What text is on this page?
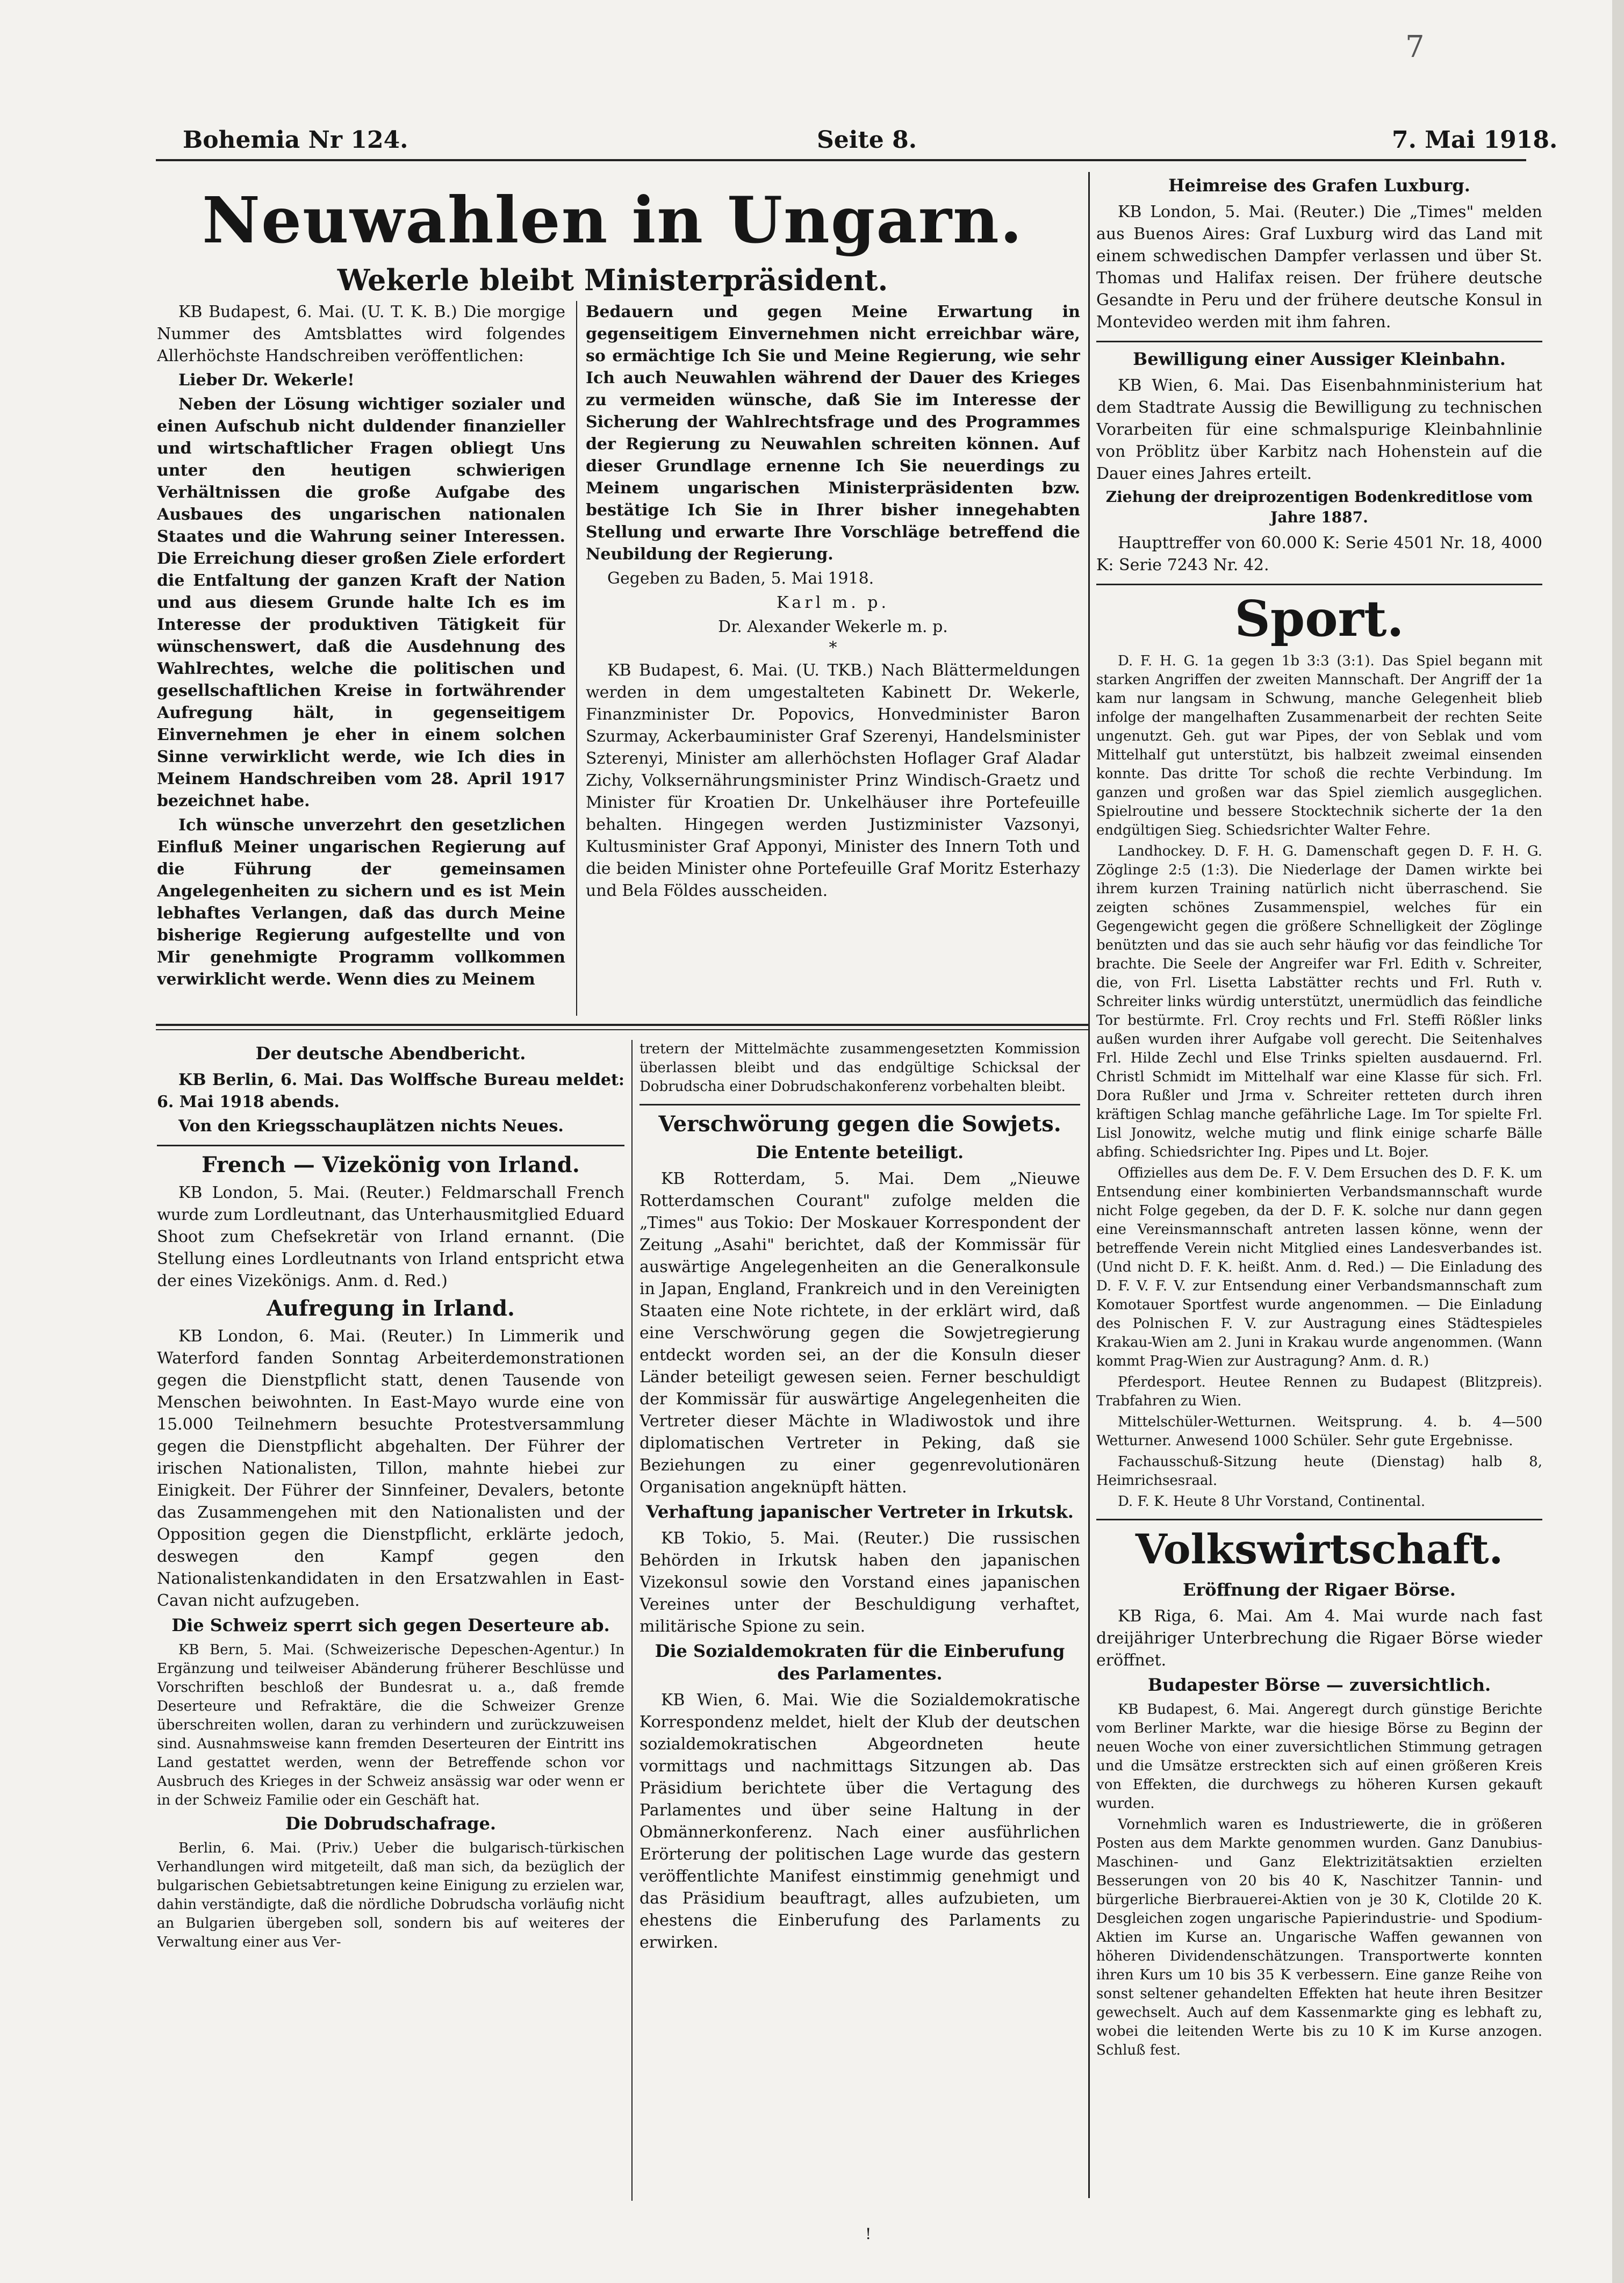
7
Bohemia Nr 124.	Seite 8.	7. Mai 1918.
Neuwahlen in Ungarn.
Wekerle bleibt Ministerpräsident.

KB Budapest, 6. Mai. (U. T. K. B.) Die morgige Nummer des Amtsblattes wird folgendes Allerhöchste Handschreiben veröffentlichen:

Lieber Dr. Wekerle!

Neben der Lösung wichtiger sozialer und einen Aufschub nicht duldender finanzieller und wirtschaftlicher Fragen obliegt Uns unter den heutigen schwierigen Verhältnissen die große Aufgabe des Ausbaues des ungarischen nationalen Staates und die Wahrung seiner Interessen. Die Erreichung dieser großen Ziele erfordert die Entfaltung der ganzen Kraft der Nation und aus diesem Grunde halte Ich es im Interesse der produktiven Tätigkeit für wünschenswert, daß die Ausdehnung des Wahlrechtes, welche die politischen und gesellschaftlichen Kreise in fortwährender Aufregung hält, in gegenseitigem Einvernehmen je eher in einem solchen Sinne verwirklicht werde, wie Ich dies in Meinem Handschreiben vom 28. April 1917 bezeichnet habe.

Ich wünsche unverzehrt den gesetzlichen Einfluß Meiner ungarischen Regierung auf die Führung der gemeinsamen Angelegenheiten zu sichern und es ist Mein lebhaftes Verlangen, daß das durch Meine bisherige Regierung aufgestellte und von Mir genehmigte Programm vollkommen verwirklicht werde. Wenn dies zu Meinem

Bedauern und gegen Meine Erwartung in gegenseitigem Einvernehmen nicht erreichbar wäre, so ermächtige Ich Sie und Meine Regierung, wie sehr Ich auch Neuwahlen während der Dauer des Krieges zu vermeiden wünsche, daß Sie im Interesse der Sicherung der Wahlrechtsfrage und des Programmes der Regierung zu Neuwahlen schreiten können. Auf dieser Grundlage ernenne Ich Sie neuerdings zu Meinem ungarischen Ministerpräsidenten bzw. bestätige Ich Sie in Ihrer bisher innegehabten Stellung und erwarte Ihre Vorschläge betreffend die Neubildung der Regierung.

Gegeben zu Baden, 5. Mai 1918.

Karl m. p.

Dr. Alexander Wekerle m. p.

*

KB Budapest, 6. Mai. (U. TKB.) Nach Blättermeldungen werden in dem umgestalteten Kabinett Dr. Wekerle, Finanzminister Dr. Popovics, Honvedminister Baron Szurmay, Ackerbauminister Graf Szerenyi, Handelsminister Szterenyi, Minister am allerhöchsten Hoflager Graf Aladar Zichy, Volksernährungsminister Prinz Windisch-Graetz und Minister für Kroatien Dr. Unkelhäuser ihre Portefeuille behalten. Hingegen werden Justizminister Vazsonyi, Kultusminister Graf Apponyi, Minister des Innern Toth und die beiden Minister ohne Portefeuille Graf Moritz Esterhazy und Bela Földes ausscheiden.

Heimreise des Grafen Luxburg.

KB London, 5. Mai. (Reuter.) Die „Times" melden aus Buenos Aires: Graf Luxburg wird das Land mit einem schwedischen Dampfer verlassen und über St. Thomas und Halifax reisen. Der frühere deutsche Gesandte in Peru und der frühere deutsche Konsul in Montevideo werden mit ihm fahren.

Bewilligung einer Aussiger Kleinbahn.

KB Wien, 6. Mai. Das Eisenbahnministerium hat dem Stadtrate Aussig die Bewilligung zu technischen Vorarbeiten für eine schmalspurige Kleinbahnlinie von Pröblitz über Karbitz nach Hohenstein auf die Dauer eines Jahres erteilt.

Ziehung der dreiprozentigen Bodenkreditlose vom Jahre 1887.

Haupttreffer von 60.000 K: Serie 4501 Nr. 18, 4000 K: Serie 7243 Nr. 42.

Sport.

D. F. H. G. 1a gegen 1b 3:3 (3:1). Das Spiel begann mit starken Angriffen der zweiten Mannschaft. Der Angriff der 1a kam nur langsam in Schwung, manche Gelegenheit blieb infolge der mangelhaften Zusammenarbeit der rechten Seite ungenutzt. Geh. gut war Pipes, der von Seblak und vom Mittelhalf gut unterstützt, bis halbzeit zweimal einsenden konnte. Das dritte Tor schoß die rechte Verbindung. Im ganzen und großen war das Spiel ziemlich ausgeglichen. Spielroutine und bessere Stocktechnik sicherte der 1a den endgültigen Sieg. Schiedsrichter Walter Fehre.

Landhockey. D. F. H. G. Damenschaft gegen D. F. H. G. Zöglinge 2:5 (1:3). Die Niederlage der Damen wirkte bei ihrem kurzen Training natürlich nicht überraschend. Sie zeigten schönes Zusammenspiel, welches für ein Gegengewicht gegen die größere Schnelligkeit der Zöglinge benützten und das sie auch sehr häufig vor das feindliche Tor brachte. Die Seele der Angreifer war Frl. Edith v. Schreiter, die, von Frl. Lisetta Labstätter rechts und Frl. Ruth v. Schreiter links würdig unterstützt, unermüdlich das feindliche Tor bestürmte. Frl. Croy rechts und Frl. Steffi Rößler links außen wurden ihrer Aufgabe voll gerecht. Die Seitenhalves Frl. Hilde Zechl und Else Trinks spielten ausdauernd. Frl. Christl Schmidt im Mittelhalf war eine Klasse für sich. Frl. Dora Rußler und Jrma v. Schreiter retteten durch ihren kräftigen Schlag manche gefährliche Lage. Im Tor spielte Frl. Lisl Jonowitz, welche mutig und flink einige scharfe Bälle abfing. Schiedsrichter Ing. Pipes und Lt. Bojer.

Offizielles aus dem De. F. V. Dem Ersuchen des D. F. K. um Entsendung einer kombinierten Verbandsmannschaft wurde nicht Folge gegeben, da der D. F. K. solche nur dann gegen eine Vereinsmannschaft antreten lassen könne, wenn der betreffende Verein nicht Mitglied eines Landesverbandes ist. (Und nicht D. F. K. heißt. Anm. d. Red.) — Die Einladung des D. F. V. F. V. zur Entsendung einer Verbandsmannschaft zum Komotauer Sportfest wurde angenommen. — Die Einladung des Polnischen F. V. zur Austragung eines Städtespieles Krakau-Wien am 2. Juni in Krakau wurde angenommen. (Wann kommt Prag-Wien zur Austragung? Anm. d. R.)

Pferdesport. Heutee Rennen zu Budapest (Blitzpreis). Trabfahren zu Wien.

Mittelschüler-Wetturnen. Weitsprung. 4. b. 4—500 Wetturner. Anwesend 1000 Schüler. Sehr gute Ergebnisse.

Fachausschuß-Sitzung heute (Dienstag) halb 8, Heimrichsesraal.

D. F. K. Heute 8 Uhr Vorstand, Continental.

Volkswirtschaft.
Eröffnung der Rigaer Börse.

KB Riga, 6. Mai. Am 4. Mai wurde nach fast dreijähriger Unterbrechung die Rigaer Börse wieder eröffnet.

Budapester Börse — zuversichtlich.

KB Budapest, 6. Mai. Angeregt durch günstige Berichte vom Berliner Markte, war die hiesige Börse zu Beginn der neuen Woche von einer zuversichtlichen Stimmung getragen und die Umsätze erstreckten sich auf einen größeren Kreis von Effekten, die durchwegs zu höheren Kursen gekauft wurden.

Vornehmlich waren es Industriewerte, die in größeren Posten aus dem Markte genommen wurden. Ganz Danubius-Maschinen- und Ganz Elektrizitätsaktien erzielten Besserungen von 20 bis 40 K, Naschitzer Tannin- und bürgerliche Bierbrauerei-Aktien von je 30 K, Clotilde 20 K. Desgleichen zogen ungarische Papierindustrie- und Spodium-Aktien im Kurse an. Ungarische Waffen gewannen von höheren Dividendenschätzungen. Transportwerte konnten ihren Kurs um 10 bis 35 K verbessern. Eine ganze Reihe von sonst seltener gehandelten Effekten hat heute ihren Besitzer gewechselt. Auch auf dem Kassenmarkte ging es lebhaft zu, wobei die leitenden Werte bis zu 10 K im Kurse anzogen. Schluß fest.

Der deutsche Abendbericht.

KB Berlin, 6. Mai. Das Wolffsche Bureau meldet: 6. Mai 1918 abends.

Von den Kriegsschauplätzen nichts Neues.

French — Vizekönig von Irland.

KB London, 5. Mai. (Reuter.) Feldmarschall French wurde zum Lordleutnant, das Unterhausmitglied Eduard Shoot zum Chefsekretär von Irland ernannt. (Die Stellung eines Lordleutnants von Irland entspricht etwa der eines Vizekönigs. Anm. d. Red.)

Aufregung in Irland.

KB London, 6. Mai. (Reuter.) In Limmerik und Waterford fanden Sonntag Arbeiterdemonstrationen gegen die Dienstpflicht statt, denen Tausende von Menschen beiwohnten. In East-Mayo wurde eine von 15.000 Teilnehmern besuchte Protestversammlung gegen die Dienstpflicht abgehalten. Der Führer der irischen Nationalisten, Tillon, mahnte hiebei zur Einigkeit. Der Führer der Sinnfeiner, Devalers, betonte das Zusammengehen mit den Nationalisten und der Opposition gegen die Dienstpflicht, erklärte jedoch, deswegen den Kampf gegen den Nationalistenkandidaten in den Ersatzwahlen in East-Cavan nicht aufzugeben.

Die Schweiz sperrt sich gegen Deserteure ab.

KB Bern, 5. Mai. (Schweizerische Depeschen-Agentur.) In Ergänzung und teilweiser Abänderung früherer Beschlüsse und Vorschriften beschloß der Bundesrat u. a., daß fremde Deserteure und Refraktäre, die die Schweizer Grenze überschreiten wollen, daran zu verhindern und zurückzuweisen sind. Ausnahmsweise kann fremden Deserteuren der Eintritt ins Land gestattet werden, wenn der Betreffende schon vor Ausbruch des Krieges in der Schweiz ansässig war oder wenn er in der Schweiz Familie oder ein Geschäft hat.

Die Dobrudschafrage.

Berlin, 6. Mai. (Priv.) Ueber die bulgarisch-türkischen Verhandlungen wird mitgeteilt, daß man sich, da bezüglich der bulgarischen Gebietsabtretungen keine Einigung zu erzielen war, dahin verständigte, daß die nördliche Dobrudscha vorläufig nicht an Bulgarien übergeben soll, sondern bis auf weiteres der Verwaltung einer aus Ver-

tretern der Mittelmächte zusammengesetzten Kommission überlassen bleibt und das endgültige Schicksal der Dobrudscha einer Dobrudschakonferenz vorbehalten bleibt.

Verschwörung gegen die Sowjets.
Die Entente beteiligt.

KB Rotterdam, 5. Mai. Dem „Nieuwe Rotterdamschen Courant" zufolge melden die „Times" aus Tokio: Der Moskauer Korrespondent der Zeitung „Asahi" berichtet, daß der Kommissär für auswärtige Angelegenheiten an die Generalkonsule in Japan, England, Frankreich und in den Vereinigten Staaten eine Note richtete, in der erklärt wird, daß eine Verschwörung gegen die Sowjetregierung entdeckt worden sei, an der die Konsuln dieser Länder beteiligt gewesen seien. Ferner beschuldigt der Kommissär für auswärtige Angelegenheiten die Vertreter dieser Mächte in Wladiwostok und ihre diplomatischen Vertreter in Peking, daß sie Beziehungen zu einer gegenrevolutionären Organisation angeknüpft hätten.

Verhaftung japanischer Vertreter in Irkutsk.

KB Tokio, 5. Mai. (Reuter.) Die russischen Behörden in Irkutsk haben den japanischen Vizekonsul sowie den Vorstand eines japanischen Vereines unter der Beschuldigung verhaftet, militärische Spione zu sein.

Die Sozialdemokraten für die Einberufung des Parlamentes.

KB Wien, 6. Mai. Wie die Sozialdemokratische Korrespondenz meldet, hielt der Klub der deutschen sozialdemokratischen Abgeordneten heute vormittags und nachmittags Sitzungen ab. Das Präsidium berichtete über die Vertagung des Parlamentes und über seine Haltung in der Obmännerkonferenz. Nach einer ausführlichen Erörterung der politischen Lage wurde das gestern veröffentlichte Manifest einstimmig genehmigt und das Präsidium beauftragt, alles aufzubieten, um ehestens die Einberufung des Parlaments zu erwirken.

!
